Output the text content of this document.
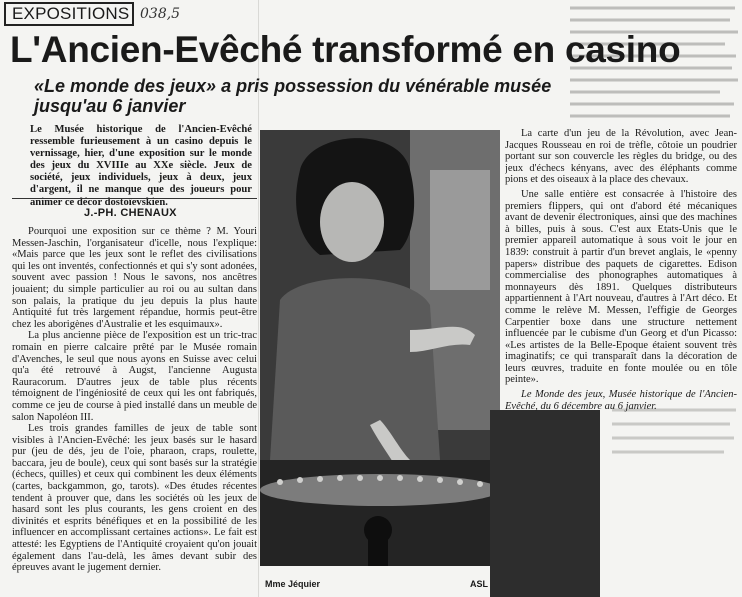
EXPOSITIONS 038,5
L'Ancien-Evêché transformé en casino
«Le monde des jeux» a pris possession du vénérable musée jusqu'au 6 janvier
Le Musée historique de l'Ancien-Evêché ressemble furieusement à un casino depuis le vernissage, hier, d'une exposition sur le monde des jeux du XVIIIe au XXe siècle. Jeux de société, jeux individuels, jeux à deux, jeux d'argent, il ne manque que des joueurs pour animer ce décor dostoïevskien.
J.-PH. CHENAUX

Pourquoi une exposition sur ce thème ? M. Youri Messen-Jaschin, l'organisateur d'icelle, nous l'explique: «Mais parce que les jeux sont le reflet des civilisations qui les ont inventés, confectionnés et qui s'y sont adonées, souvent avec passion ! Nous le savons, nos ancêtres jouaient; du simple particulier au roi ou au sultan dans son palais, la pratique du jeu depuis la plus haute Antiquité fut très largement répandue, hormis peut-être chez les aborigènes d'Australie et les esquimaux».

La plus ancienne pièce de l'exposition est un tric-trac romain en pierre calcaire prêté par le Musée romain d'Avenches, le seul que nous ayons en Suisse avec celui qu'a été retrouvé à Augst, l'ancienne Augusta Rauracorum. D'autres jeux de table plus récents témoignent de l'ingéniosité de ceux qui les ont fabriqués, comme ce jeu de course à pied installé dans un meuble de salon Napoléon III.

Les trois grandes familles de jeux de table sont visibles à l'Ancien-Evêché: les jeux basés sur le hasard pur (jeu de dés, jeu de l'oie, pharaon, craps, roulette, baccara, jeu de boule), ceux qui sont basés sur la stratégie (échecs, quilles) et ceux qui combinent les deux éléments (cartes, backgammon, go, tarots). «Des études récentes tendent à prouver que, dans les sociétés où les jeux de hasard sont les plus courants, les gens croient en des divinités et esprits bénéfiques et en la possibilité de les influencer en accomplissant certaines actions». Le fait est attesté: les Egyptiens de l'Antiquité croyaient qu'on jouait également dans l'au-delà, les âmes devant subir des épreuves avant le jugement dernier.

Mme Jéquier	ASL

La carte d'un jeu de la Révolution, avec Jean-Jacques Rousseau en roi de trèfle, côtoie un poudrier portant sur son couvercle les règles du bridge, ou des jeux d'échecs kényans, avec des éléphants comme pions et des oiseaux à la place des chevaux.

Une salle entière est consacrée à l'histoire des premiers flippers, qui ont d'abord été mécaniques avant de devenir électroniques, ainsi que des machines à billes, puis à sous. C'est aux Etats-Unis que le premier appareil automatique à sous voit le jour en 1839: construit à partir d'un brevet anglais, le «penny papers» distribue des paquets de cigarettes. Edison commercialise des phonographes automatiques à monnayeurs dès 1891. Quelques distributeurs appartiennent à l'Art nouveau, d'autres à l'Art déco. Et comme le relève M. Messen, l'effigie de Georges Carpentier boxe dans une structure nettement influencée par le cubisme d'un Georg et d'un Picasso: «Les artistes de la Belle-Epoque étaient souvent très imaginatifs; ce qui transparaît dans la décoration de leurs œuvres, traduite en fonte moulée ou en tôle peinte».

Le Monde des jeux, Musée historique de l'Ancien-Evêché, du 6 décembre au 6 janvier.
